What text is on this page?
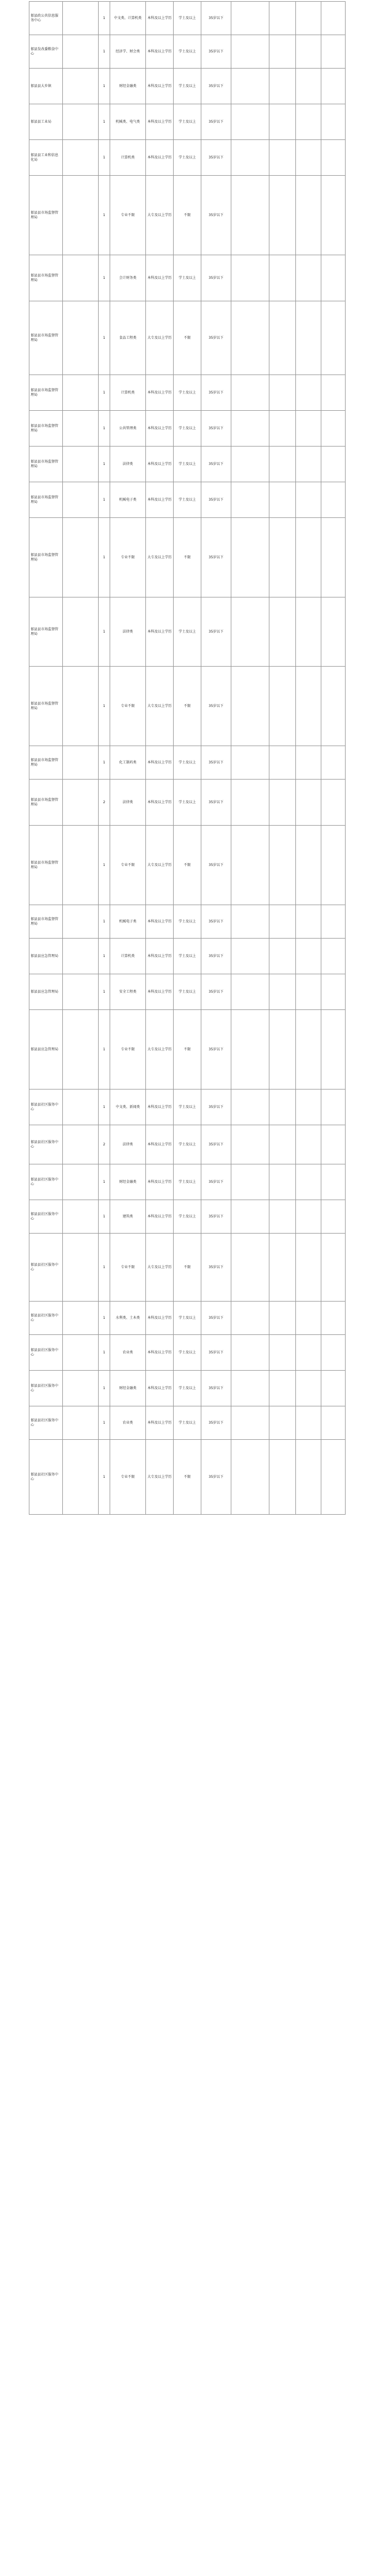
郁县政公共信息服务中心		1	中文类、计算机类	本科及以上学历	学士及以上	35岁以下				
郁县发改委粮食中心		1	经济学、财会类	本科及以上学历	学士及以上	35岁以下				
郁县县大乡镇		1	财经金融类	本科及以上学历	学士及以上	35岁以下				
郁县县工业局		1	机械类、电气类	本科及以上学历	学士及以上	35岁以下				
郁县县工业和信息化局		1	计算机类	本科及以上学历	学士及以上	35岁以下				
郁县县市场监督管理局		1	专业不限	大专及以上学历	不限	35岁以下				
郁县县市场监督管理局		1	会计财务类	本科及以上学历	学士及以上	35岁以下				
郁县县市场监督管理局		1	食品工程类	大专及以上学历	不限	35岁以下				
郁县县市场监督管理局		1	计算机类	本科及以上学历	学士及以上	35岁以下				
郁县县市场监督管理局		1	公共管理类	本科及以上学历	学士及以上	35岁以下				
郁县县市场监督管理局		1	法律类	本科及以上学历	学士及以上	35岁以下				
郁县县市场监督管理局		1	机械电子类	本科及以上学历	学士及以上	35岁以下				
郁县县市场监督管理局		1	专业不限	大专及以上学历	不限	35岁以下				
郁县县市场监督管理局		1	法律类	本科及以上学历	学士及以上	35岁以下				
郁县县市场监督管理局		1	专业不限	大专及以上学历	不限	35岁以下				
郁县县市场监督管理局		1	化工制药类	本科及以上学历	学士及以上	35岁以下				
郁县县市场监督管理局		2	法律类	本科及以上学历	学士及以上	35岁以下				
郁县县市场监督管理局		1	专业不限	大专及以上学历	不限	35岁以下				
郁县县市场监督管理局		1	机械电子类	本科及以上学历	学士及以上	35岁以下				
郁县县应急管理局		1	计算机类	本科及以上学历	学士及以上	35岁以下				
郁县县应急管理局		1	安全工程类	本科及以上学历	学士及以上	35岁以下				
郁县县应急管理局		1	专业不限	大专及以上学历	不限	35岁以下				
郁县县社区服务中心		1	中文类、新闻类	本科及以上学历	学士及以上	35岁以下				
郁县县社区服务中心		2	法律类	本科及以上学历	学士及以上	35岁以下				
郁县县社区服务中心		1	财经金融类	本科及以上学历	学士及以上	35岁以下				
郁县县社区服务中心		1	建筑类	本科及以上学历	学士及以上	35岁以下				
郁县县社区服务中心		1	专业不限	大专及以上学历	不限	35岁以下				
郁县县社区服务中心		1	水利类、土木类	本科及以上学历	学士及以上	35岁以下				
郁县县社区服务中心		1	农业类	本科及以上学历	学士及以上	35岁以下				
郁县县社区服务中心		1	财经金融类	本科及以上学历	学士及以上	35岁以下				
郁县县社区服务中心		1	农业类	本科及以上学历	学士及以上	35岁以下				
郁县县社区服务中心		1	专业不限	大专及以上学历	不限	35岁以下				
